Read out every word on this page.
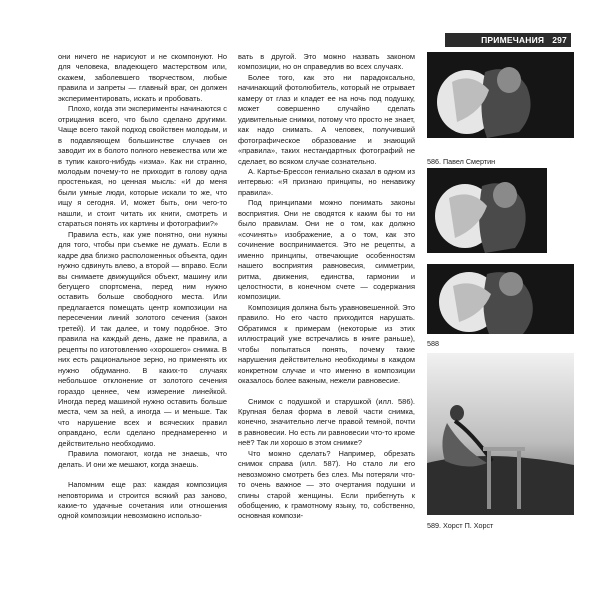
ПРИМЕЧАНИЯ 297

они ничего не нарисуют и не скомпонуют. Но для человека, владеющего мастерством или, скажем, заболевшего творчеством, любые правила и запреты — главный враг, он должен экспериментировать, искать и пробовать.

Плохо, когда эти эксперименты начинаются с отрицания всего, что было сделано другими. Чаще всего такой подход свойствен молодым, и в подавляющем большинстве случаев он заводит их в болото полного невежества или же в тупик какого-нибудь «изма». Как ни странно, молодым почему-то не приходит в голову одна простенькая, но ценная мысль: «И до меня были умные люди, которые искали то же, что ищу я сегодня. И, может быть, они чего-то нашли, и стоит читать их книги, смотреть и стараться понять их картины и фотографии?»

Правила есть, как уже понятно, они нужны для того, чтобы при съемке не думать. Если в кадре два близко расположенных объекта, один нужно сдвинуть влево, а второй — вправо. Если вы снимаете движущийся объект, машину или бегущего спортсмена, перед ним нужно оставить больше свободного места. Или предлагается помещать центр композиции на пересечении линий золотого сечения (закон третей). И так далее, и тому подобное. Это правила на каждый день, даже не правила, а рецепты по изготовлению «хорошего» снимка. В них есть рациональное зерно, но применять их нужно обдуманно. В каких-то случаях небольшое отклонение от золотого сечения гораздо ценнее, чем измерение линейкой. Иногда перед машиной нужно оставить больше места, чем за ней, а иногда — и меньше. Так что нарушение всех и всяческих правил оправдано, если сделано преднамеренно и действительно необходимо.

Правила помогают, когда не знаешь, что делать. И они же мешают, когда знаешь.

Напомним еще раз: каждая композиция неповторима и строится всякий раз заново, какие-то удачные сочетания или отношения одной композиции невозможно использо-

вать в другой. Это можно назвать законом композиции, но он справедлив во всех случаях.

Более того, как это ни парадоксально, начинающий фотолюбитель, который не отрывает камеру от глаз и кладет ее на ночь под подушку, может совершенно случайно сделать удивительные снимки, потому что просто не знает, как надо снимать. А человек, получивший фотографическое образование и знающий «правила», таких нестандартных фотографий не сделает, во всяком случае сознательно.

А. Картье-Брессон гениально сказал в одном из интервью: «Я признаю принципы, но ненавижу правила».

Под принципами можно понимать законы восприятия. Они не сводятся к каким бы то ни было правилам. Они не о том, как должно «сочинять» изображение, а о том, как это сочинение воспринимается. Это не рецепты, а именно принципы, отвечающие особенностям нашего восприятия равновесия, симметрии, ритма, движения, единства, гармонии и целостности, в конечном счете — содержания композиции.

Композиция должна быть уравновешенной. Это правило. Но его часто приходится нарушать. Обратимся к примерам (некоторые из этих иллюстраций уже встречались в книге раньше), чтобы попытаться понять, почему такие нарушения действительно необходимы в каждом конкретном случае и что именно в композиции оказалось более важным, нежели равновесие.

Снимок с подушкой и старушкой (илл. 586). Крупная белая форма в левой части снимка, конечно, значительно легче правой темной, почти в равновесии. Но есть ли равновесии что-то кроме неё? Так ли хорошо в этом снимке?

Что можно сделать? Например, обрезать снимок справа (илл. 587). Но стало ли его невозможно смотреть без слез. Мы потеряли что-то очень важное — это очертания подушки и спины старой женщины. Если прибегнуть к обобщению, к грамотному языку, то, собственно, основная компози-

586. Павел Смертин
588
589. Хорст П. Хорст
